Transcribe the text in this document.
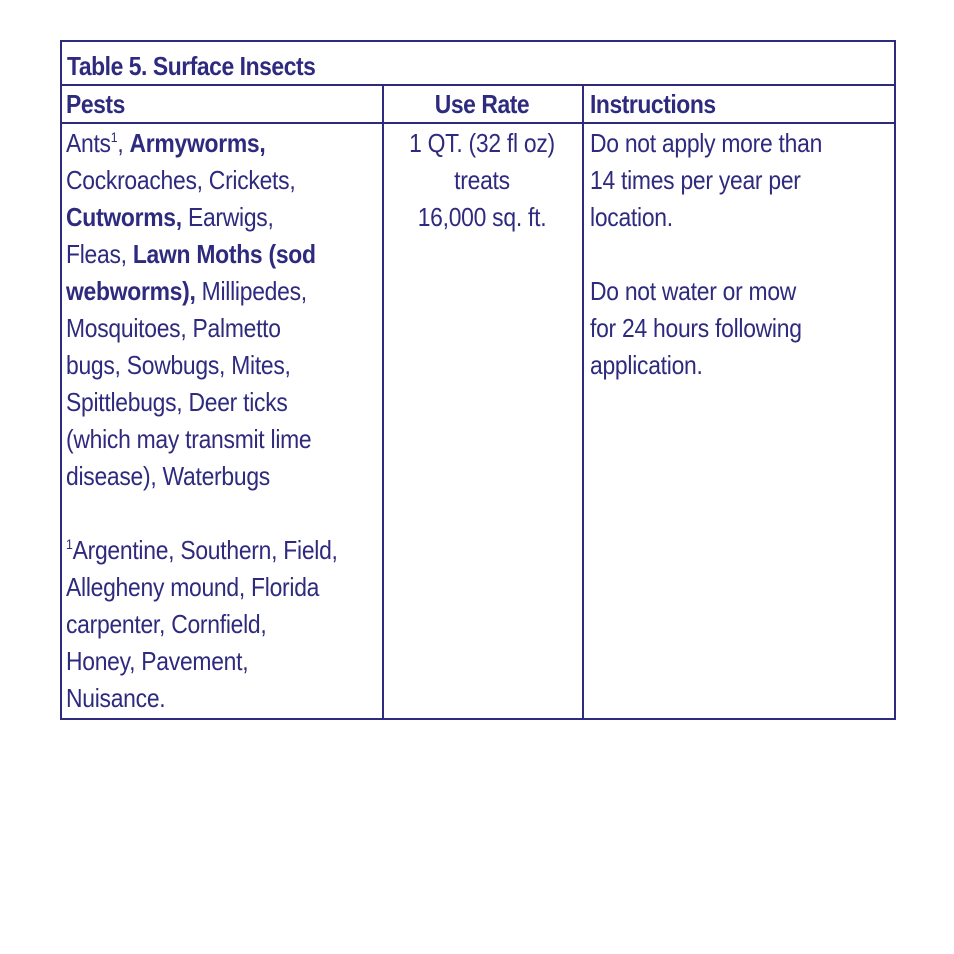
Table 5. Surface Insects
Pests	Use Rate	Instructions
Ants$^1$, Armyworms,
Cockroaches, Crickets,
Cutworms, Earwigs,
Fleas, Lawn Moths (sod
webworms), Millipedes,
Mosquitoes, Palmetto
bugs, Sowbugs, Mites,
Spittlebugs, Deer ticks
(which may transmit lime
disease), Waterbugs
$^1$Argentine, Southern, Field,
Allegheny mound, Florida
carpenter, Cornfield,
Honey, Pavement,
Nuisance.
1 QT. (32 fl oz)
treats
16,000 sq. ft.
Do not apply more than
14 times per year per
location.
Do not water or mow
for 24 hours following
application.
